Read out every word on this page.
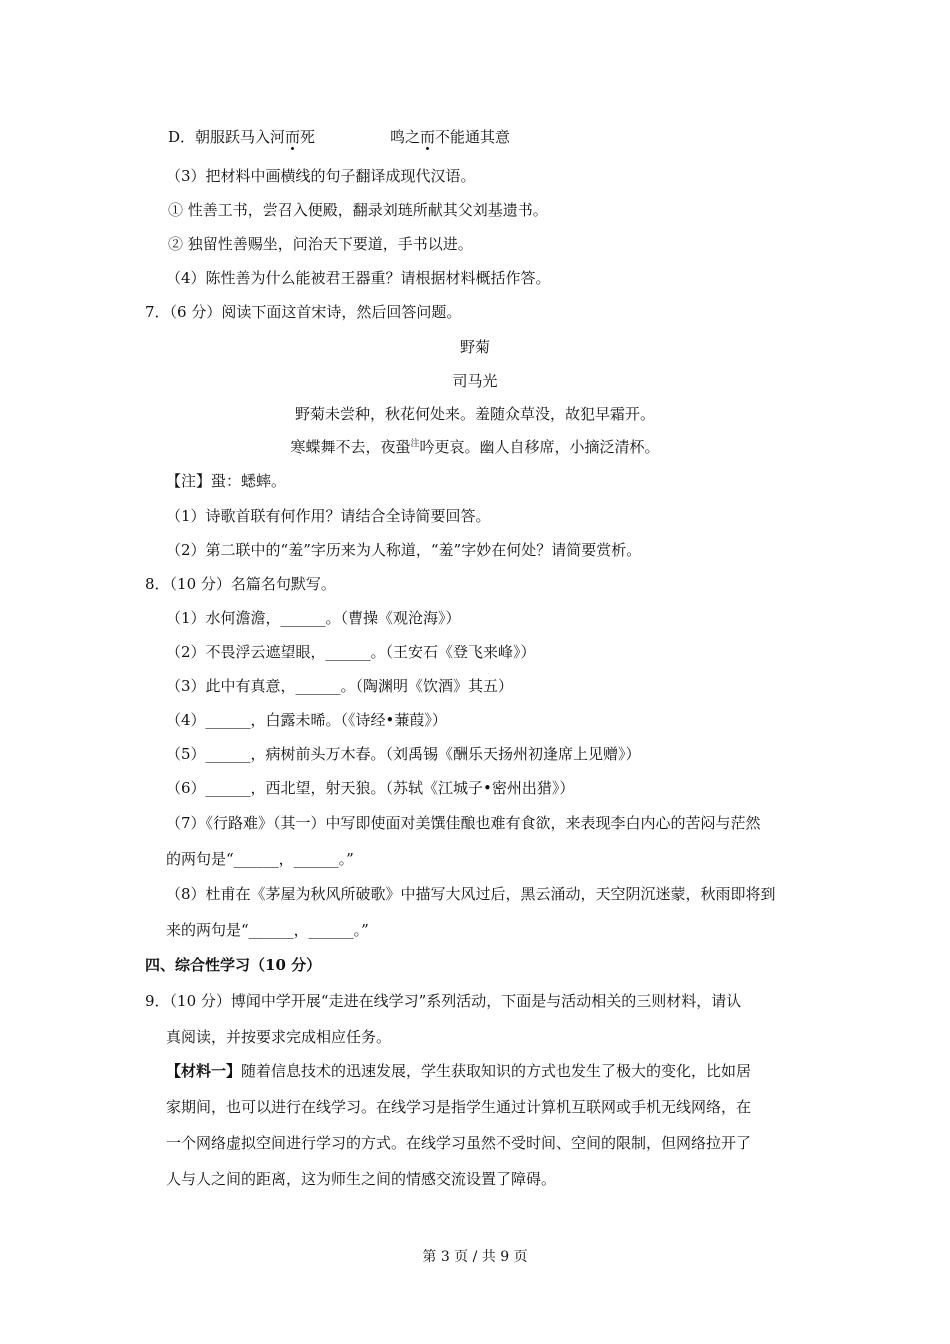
D．朝服跃马入河而死	鸣之而不能通其意
（3）把材料中画横线的句子翻译成现代汉语。
① 性善工书，尝召入便殿，翻录刘琏所献其父刘基遗书。
② 独留性善赐坐，问治天下要道，手书以进。
（4）陈性善为什么能被君王器重？请根据材料概括作答。
7．（6 分）阅读下面这首宋诗，然后回答问题。
野菊
司马光
野菊未尝种，秋花何处来。羞随众草没，故犯早霜开。
寒蝶舞不去，夜蛩$^注$吟更哀。幽人自移席，小摘泛清杯。
【注】蛩：蟋蟀。
（1）诗歌首联有何作用？请结合全诗简要回答。
（2）第二联中的“羞”字历来为人称道，“羞”字妙在何处？请简要赏析。
8．（10 分）名篇名句默写。
（1）水何澹澹，______。（曹操《观沧海》）
（2）不畏浮云遮望眼，______。（王安石《登飞来峰》）
（3）此中有真意，______。（陶渊明《饮酒》其五）
（4）______，白露未晞。（《诗经•蒹葭》）
（5）______，病树前头万木春。（刘禹锡《酬乐天扬州初逢席上见赠》）
（6）______，西北望，射天狼。（苏轼《江城子•密州出猎》）
（7）《行路难》（其一）中写即使面对美馔佳酿也难有食欲，来表现李白内心的苦闷与茫然
的两句是“______，______。”
（8）杜甫在《茅屋为秋风所破歌》中描写大风过后，黑云涌动，天空阴沉迷蒙，秋雨即将到
来的两句是“______，______。”
四、综合性学习（10 分）
9．（10 分）博闻中学开展“走进在线学习”系列活动，下面是与活动相关的三则材料，请认
真阅读，并按要求完成相应任务。
【材料一】随着信息技术的迅速发展，学生获取知识的方式也发生了极大的变化，比如居
家期间，也可以进行在线学习。在线学习是指学生通过计算机互联网或手机无线网络，在
一个网络虚拟空间进行学习的方式。在线学习虽然不受时间、空间的限制，但网络拉开了
人与人之间的距离，这为师生之间的情感交流设置了障碍。
第 3 页 / 共 9 页
